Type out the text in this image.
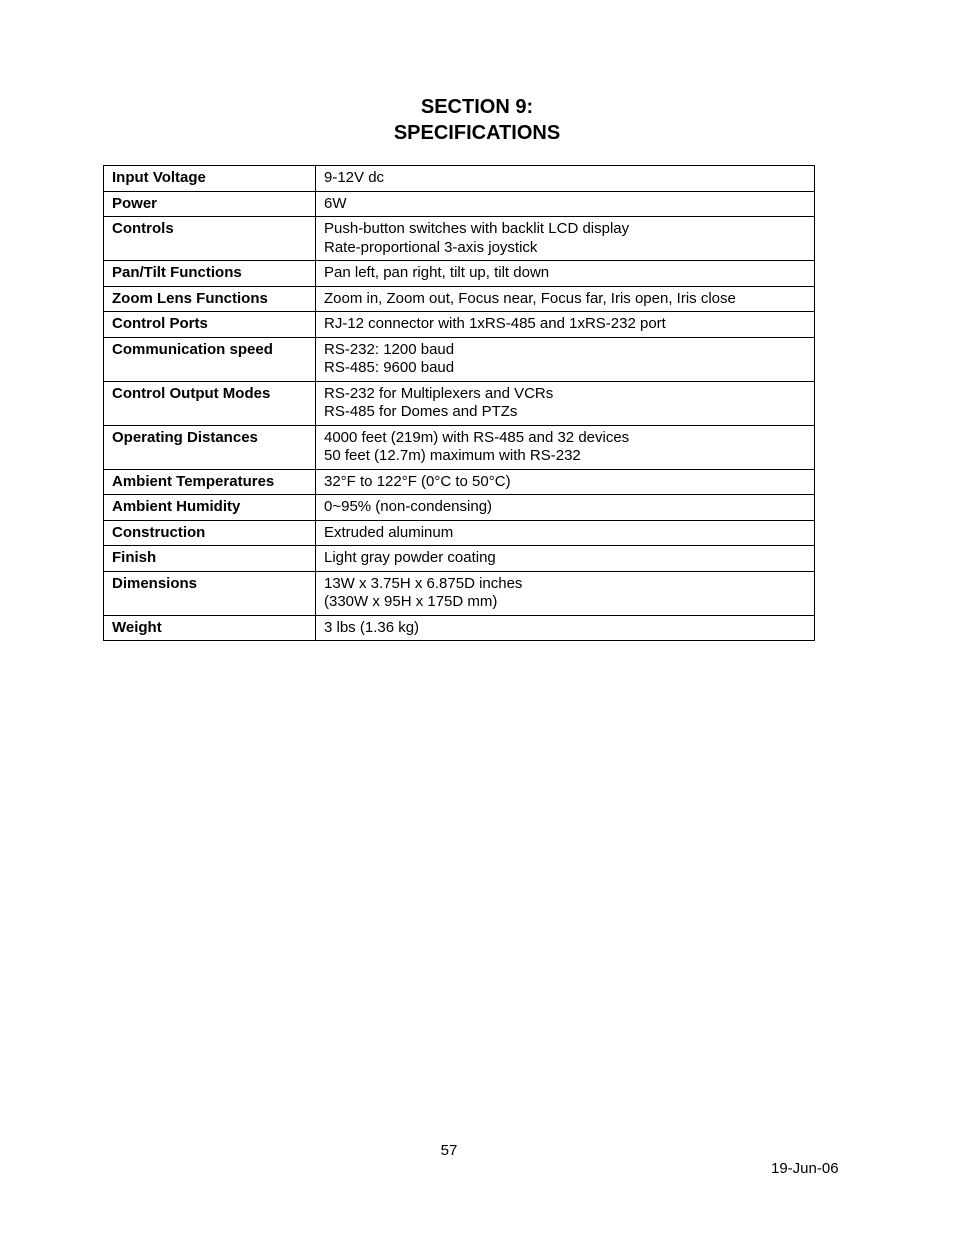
SECTION 9:
SPECIFICATIONS
Input Voltage	9-12V dc

Power	6W

Controls	Push-button switches with backlit LCD display
Rate-proportional 3-axis joystick

Pan/Tilt Functions	Pan left, pan right, tilt up, tilt down

Zoom Lens Functions	Zoom in, Zoom out, Focus near, Focus far, Iris open, Iris close

Control Ports	RJ-12 connector with 1xRS-485 and 1xRS-232 port

Communication speed	RS-232: 1200 baud
RS-485: 9600 baud

Control Output Modes	RS-232 for Multiplexers and VCRs
RS-485 for Domes and PTZs

Operating Distances	4000 feet (219m) with RS-485 and 32 devices
50 feet (12.7m) maximum with RS-232

Ambient Temperatures	32°F to 122°F (0°C to 50°C)

Ambient Humidity	0~95% (non-condensing)

Construction	Extruded aluminum

Finish	Light gray powder coating

Dimensions	13W x 3.75H x 6.875D inches
(330W x 95H x 175D mm)

Weight	3 lbs (1.36 kg)
57
19-Jun-06
